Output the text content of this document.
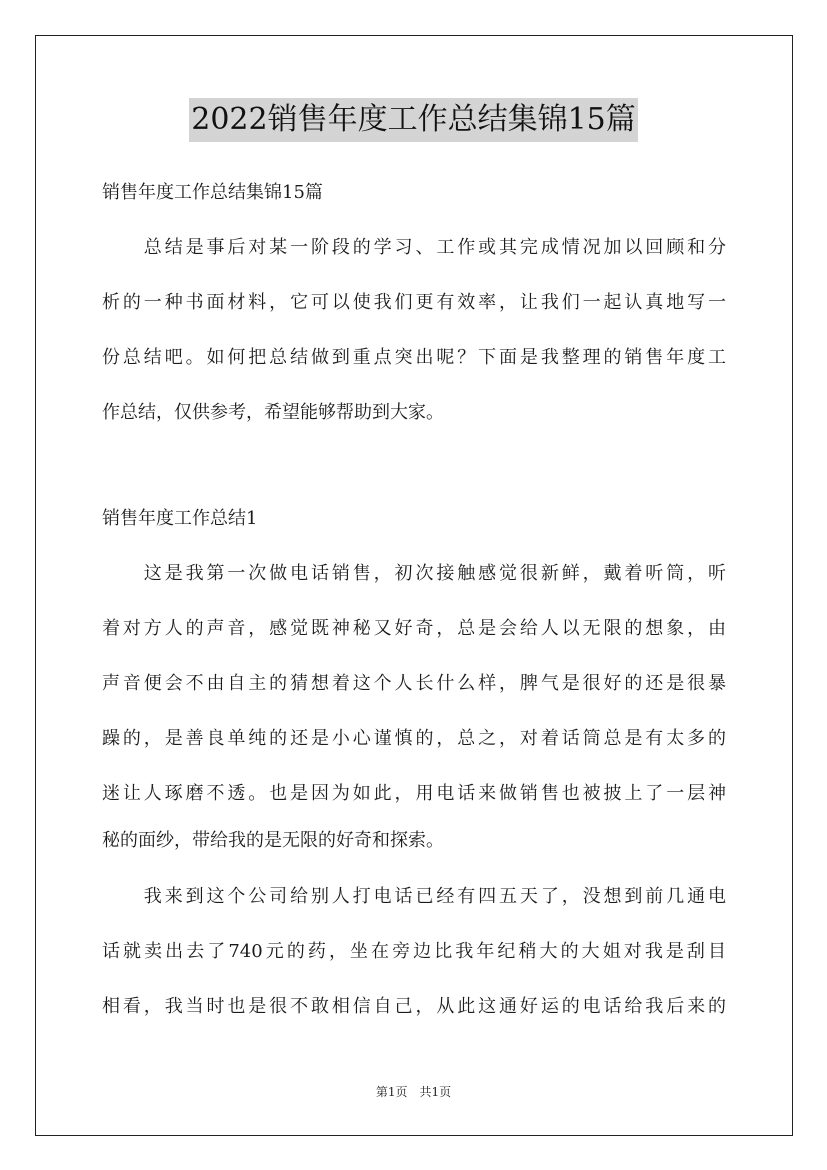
2022销售年度工作总结集锦15篇
销售年度工作总结集锦15篇
　　总结是事后对某一阶段的学习、工作或其完成情况加以回顾和分
析的一种书面材料，它可以使我们更有效率，让我们一起认真地写一
份总结吧。如何把总结做到重点突出呢？下面是我整理的销售年度工
作总结，仅供参考，希望能够帮助到大家。
销售年度工作总结1
　　这是我第一次做电话销售，初次接触感觉很新鲜，戴着听筒，听
着对方人的声音，感觉既神秘又好奇，总是会给人以无限的想象，由
声音便会不由自主的猜想着这个人长什么样，脾气是很好的还是很暴
躁的，是善良单纯的还是小心谨慎的，总之，对着话筒总是有太多的
迷让人琢磨不透。也是因为如此，用电话来做销售也被披上了一层神
秘的面纱，带给我的是无限的好奇和探索。
　　我来到这个公司给别人打电话已经有四五天了，没想到前几通电
话就卖出去了740元的药，坐在旁边比我年纪稍大的大姐对我是刮目
相看，我当时也是很不敢相信自己，从此这通好运的电话给我后来的
第1页　共1页
